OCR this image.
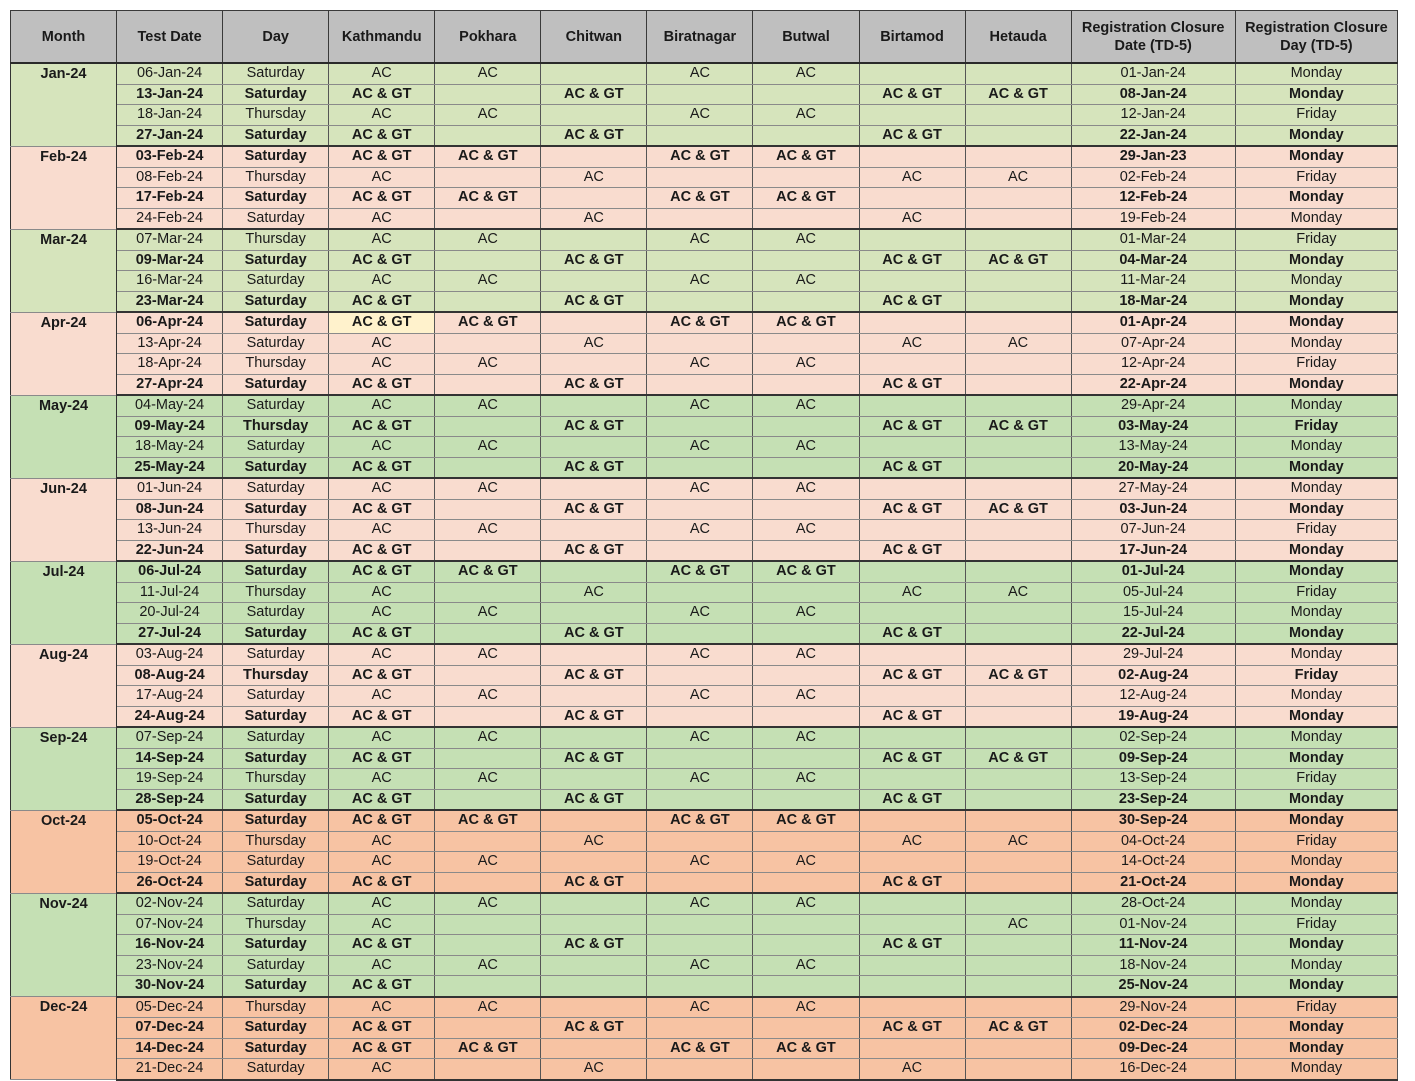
Month	Test Date	Day	Kathmandu	Pokhara	Chitwan	Biratnagar	Butwal	Birtamod	Hetauda	Registration Closure Date (TD-5)	Registration Closure Day (TD-5)
Jan-24	06-Jan-24	Saturday	AC	AC		AC	AC			01-Jan-24	Monday
	13-Jan-24	Saturday	AC & GT		AC & GT			AC & GT	AC & GT	08-Jan-24	Monday
	18-Jan-24	Thursday	AC	AC		AC	AC			12-Jan-24	Friday
	27-Jan-24	Saturday	AC & GT		AC & GT			AC & GT		22-Jan-24	Monday
Feb-24	03-Feb-24	Saturday	AC & GT	AC & GT		AC & GT	AC & GT			29-Jan-23	Monday
	08-Feb-24	Thursday	AC		AC			AC	AC	02-Feb-24	Friday
	17-Feb-24	Saturday	AC & GT	AC & GT		AC & GT	AC & GT			12-Feb-24	Monday
	24-Feb-24	Saturday	AC		AC			AC		19-Feb-24	Monday
Mar-24	07-Mar-24	Thursday	AC	AC		AC	AC			01-Mar-24	Friday
	09-Mar-24	Saturday	AC & GT		AC & GT			AC & GT	AC & GT	04-Mar-24	Monday
	16-Mar-24	Saturday	AC	AC		AC	AC			11-Mar-24	Monday
	23-Mar-24	Saturday	AC & GT		AC & GT			AC & GT		18-Mar-24	Monday
Apr-24	06-Apr-24	Saturday	AC & GT	AC & GT		AC & GT	AC & GT			01-Apr-24	Monday
	13-Apr-24	Saturday	AC		AC			AC	AC	07-Apr-24	Monday
	18-Apr-24	Thursday	AC	AC		AC	AC			12-Apr-24	Friday
	27-Apr-24	Saturday	AC & GT		AC & GT			AC & GT		22-Apr-24	Monday
May-24	04-May-24	Saturday	AC	AC		AC	AC			29-Apr-24	Monday
	09-May-24	Thursday	AC & GT		AC & GT			AC & GT	AC & GT	03-May-24	Friday
	18-May-24	Saturday	AC	AC		AC	AC			13-May-24	Monday
	25-May-24	Saturday	AC & GT		AC & GT			AC & GT		20-May-24	Monday
Jun-24	01-Jun-24	Saturday	AC	AC		AC	AC			27-May-24	Monday
	08-Jun-24	Saturday	AC & GT		AC & GT			AC & GT	AC & GT	03-Jun-24	Monday
	13-Jun-24	Thursday	AC	AC		AC	AC			07-Jun-24	Friday
	22-Jun-24	Saturday	AC & GT		AC & GT			AC & GT		17-Jun-24	Monday
Jul-24	06-Jul-24	Saturday	AC & GT	AC & GT		AC & GT	AC & GT			01-Jul-24	Monday
	11-Jul-24	Thursday	AC		AC			AC	AC	05-Jul-24	Friday
	20-Jul-24	Saturday	AC	AC		AC	AC			15-Jul-24	Monday
	27-Jul-24	Saturday	AC & GT		AC & GT			AC & GT		22-Jul-24	Monday
Aug-24	03-Aug-24	Saturday	AC	AC		AC	AC			29-Jul-24	Monday
	08-Aug-24	Thursday	AC & GT		AC & GT			AC & GT	AC & GT	02-Aug-24	Friday
	17-Aug-24	Saturday	AC	AC		AC	AC			12-Aug-24	Monday
	24-Aug-24	Saturday	AC & GT		AC & GT			AC & GT		19-Aug-24	Monday
Sep-24	07-Sep-24	Saturday	AC	AC		AC	AC			02-Sep-24	Monday
	14-Sep-24	Saturday	AC & GT		AC & GT			AC & GT	AC & GT	09-Sep-24	Monday
	19-Sep-24	Thursday	AC	AC		AC	AC			13-Sep-24	Friday
	28-Sep-24	Saturday	AC & GT		AC & GT			AC & GT		23-Sep-24	Monday
Oct-24	05-Oct-24	Saturday	AC & GT	AC & GT		AC & GT	AC & GT			30-Sep-24	Monday
	10-Oct-24	Thursday	AC		AC			AC	AC	04-Oct-24	Friday
	19-Oct-24	Saturday	AC	AC		AC	AC			14-Oct-24	Monday
	26-Oct-24	Saturday	AC & GT		AC & GT			AC & GT		21-Oct-24	Monday
Nov-24	02-Nov-24	Saturday	AC	AC		AC	AC			28-Oct-24	Monday
	07-Nov-24	Thursday	AC						AC	01-Nov-24	Friday
	16-Nov-24	Saturday	AC & GT		AC & GT			AC & GT		11-Nov-24	Monday
	23-Nov-24	Saturday	AC	AC		AC	AC			18-Nov-24	Monday
	30-Nov-24	Saturday	AC & GT							25-Nov-24	Monday
Dec-24	05-Dec-24	Thursday	AC	AC		AC	AC			29-Nov-24	Friday
	07-Dec-24	Saturday	AC & GT		AC & GT			AC & GT	AC & GT	02-Dec-24	Monday
	14-Dec-24	Saturday	AC & GT	AC & GT		AC & GT	AC & GT			09-Dec-24	Monday
	21-Dec-24	Saturday	AC		AC			AC		16-Dec-24	Monday
